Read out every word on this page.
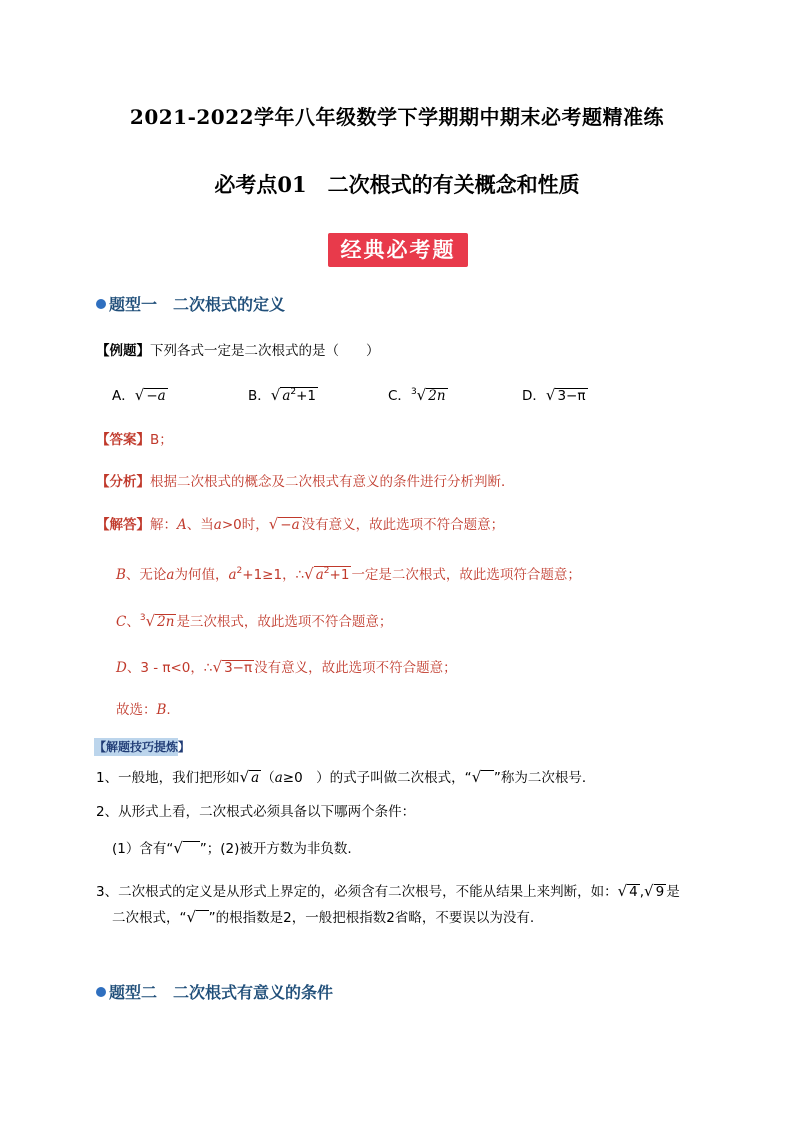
2021-2022学年八年级数学下学期期中期末必考题精准练
必考点01　二次根式的有关概念和性质
经典必考题
题型一　二次根式的定义
【例题】下列各式一定是二次根式的是（　　）
A．√ −a	B．√ $a^2+1$	C．$^3$√ 2n	D．√ 3−π
【答案】B；
【分析】根据二次根式的概念及二次根式有意义的条件进行分析判断．
【解答】解：A、当a>0时，√ −a 没有意义，故此选项不符合题意；
B、无论a为何值，$a^2+1\ge 1$，∴√ $a^2+1$ 一定是二次根式，故此选项符合题意；
C、$^3$√ 2n 是三次根式，故此选项不符合题意；
D、3 - π<0，∴√ 3−π 没有意义，故此选项不符合题意；
故选：B.
【解题技巧提炼】
1、一般地，我们把形如√ a （a≥0　）的式子叫做二次根式，“√ ”称为二次根号．
2、从形式上看，二次根式必须具备以下哪两个条件：
(1）含有“√ ”；(2)被开方数为非负数.
3、二次根式的定义是从形式上界定的，必须含有二次根号，不能从结果上来判断，如：√ 4 ,√ 9 是
二次根式，“√ ”的根指数是2，一般把根指数2省略，不要误以为没有.
题型二　二次根式有意义的条件
